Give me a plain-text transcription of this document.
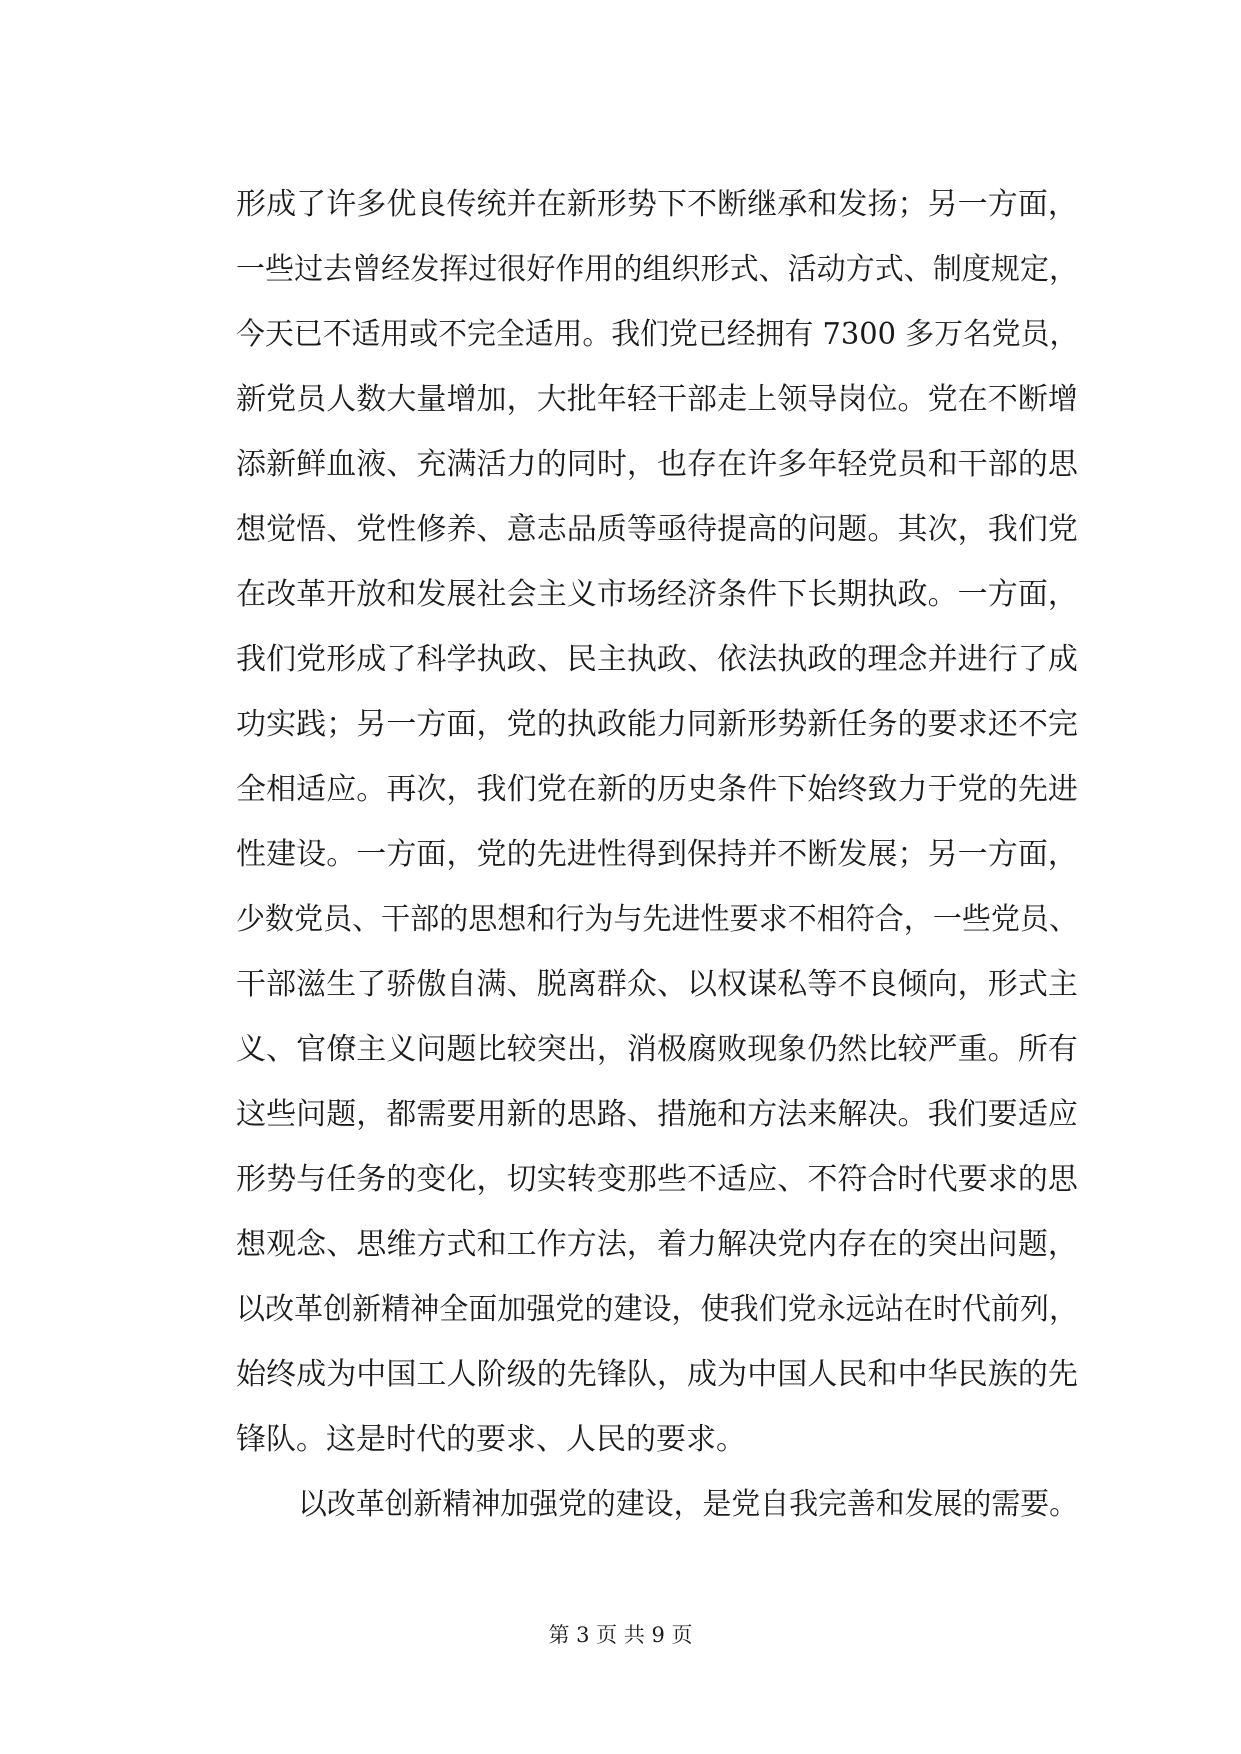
形成了许多优良传统并在新形势下不断继承和发扬；另一方面，
一些过去曾经发挥过很好作用的组织形式、活动方式、制度规定，
今天已不适用或不完全适用。我们党已经拥有 7300 多万名党员，
新党员人数大量增加，大批年轻干部走上领导岗位。党在不断增
添新鲜血液、充满活力的同时，也存在许多年轻党员和干部的思
想觉悟、党性修养、意志品质等亟待提高的问题。其次，我们党
在改革开放和发展社会主义市场经济条件下长期执政。一方面，
我们党形成了科学执政、民主执政、依法执政的理念并进行了成
功实践；另一方面，党的执政能力同新形势新任务的要求还不完
全相适应。再次，我们党在新的历史条件下始终致力于党的先进
性建设。一方面，党的先进性得到保持并不断发展；另一方面，
少数党员、干部的思想和行为与先进性要求不相符合，一些党员、
干部滋生了骄傲自满、脱离群众、以权谋私等不良倾向，形式主
义、官僚主义问题比较突出，消极腐败现象仍然比较严重。所有
这些问题，都需要用新的思路、措施和方法来解决。我们要适应
形势与任务的变化，切实转变那些不适应、不符合时代要求的思
想观念、思维方式和工作方法，着力解决党内存在的突出问题，
以改革创新精神全面加强党的建设，使我们党永远站在时代前列，
始终成为中国工人阶级的先锋队，成为中国人民和中华民族的先
锋队。这是时代的要求、人民的要求。
以改革创新精神加强党的建设，是党自我完善和发展的需要。
第 3 页 共 9 页
